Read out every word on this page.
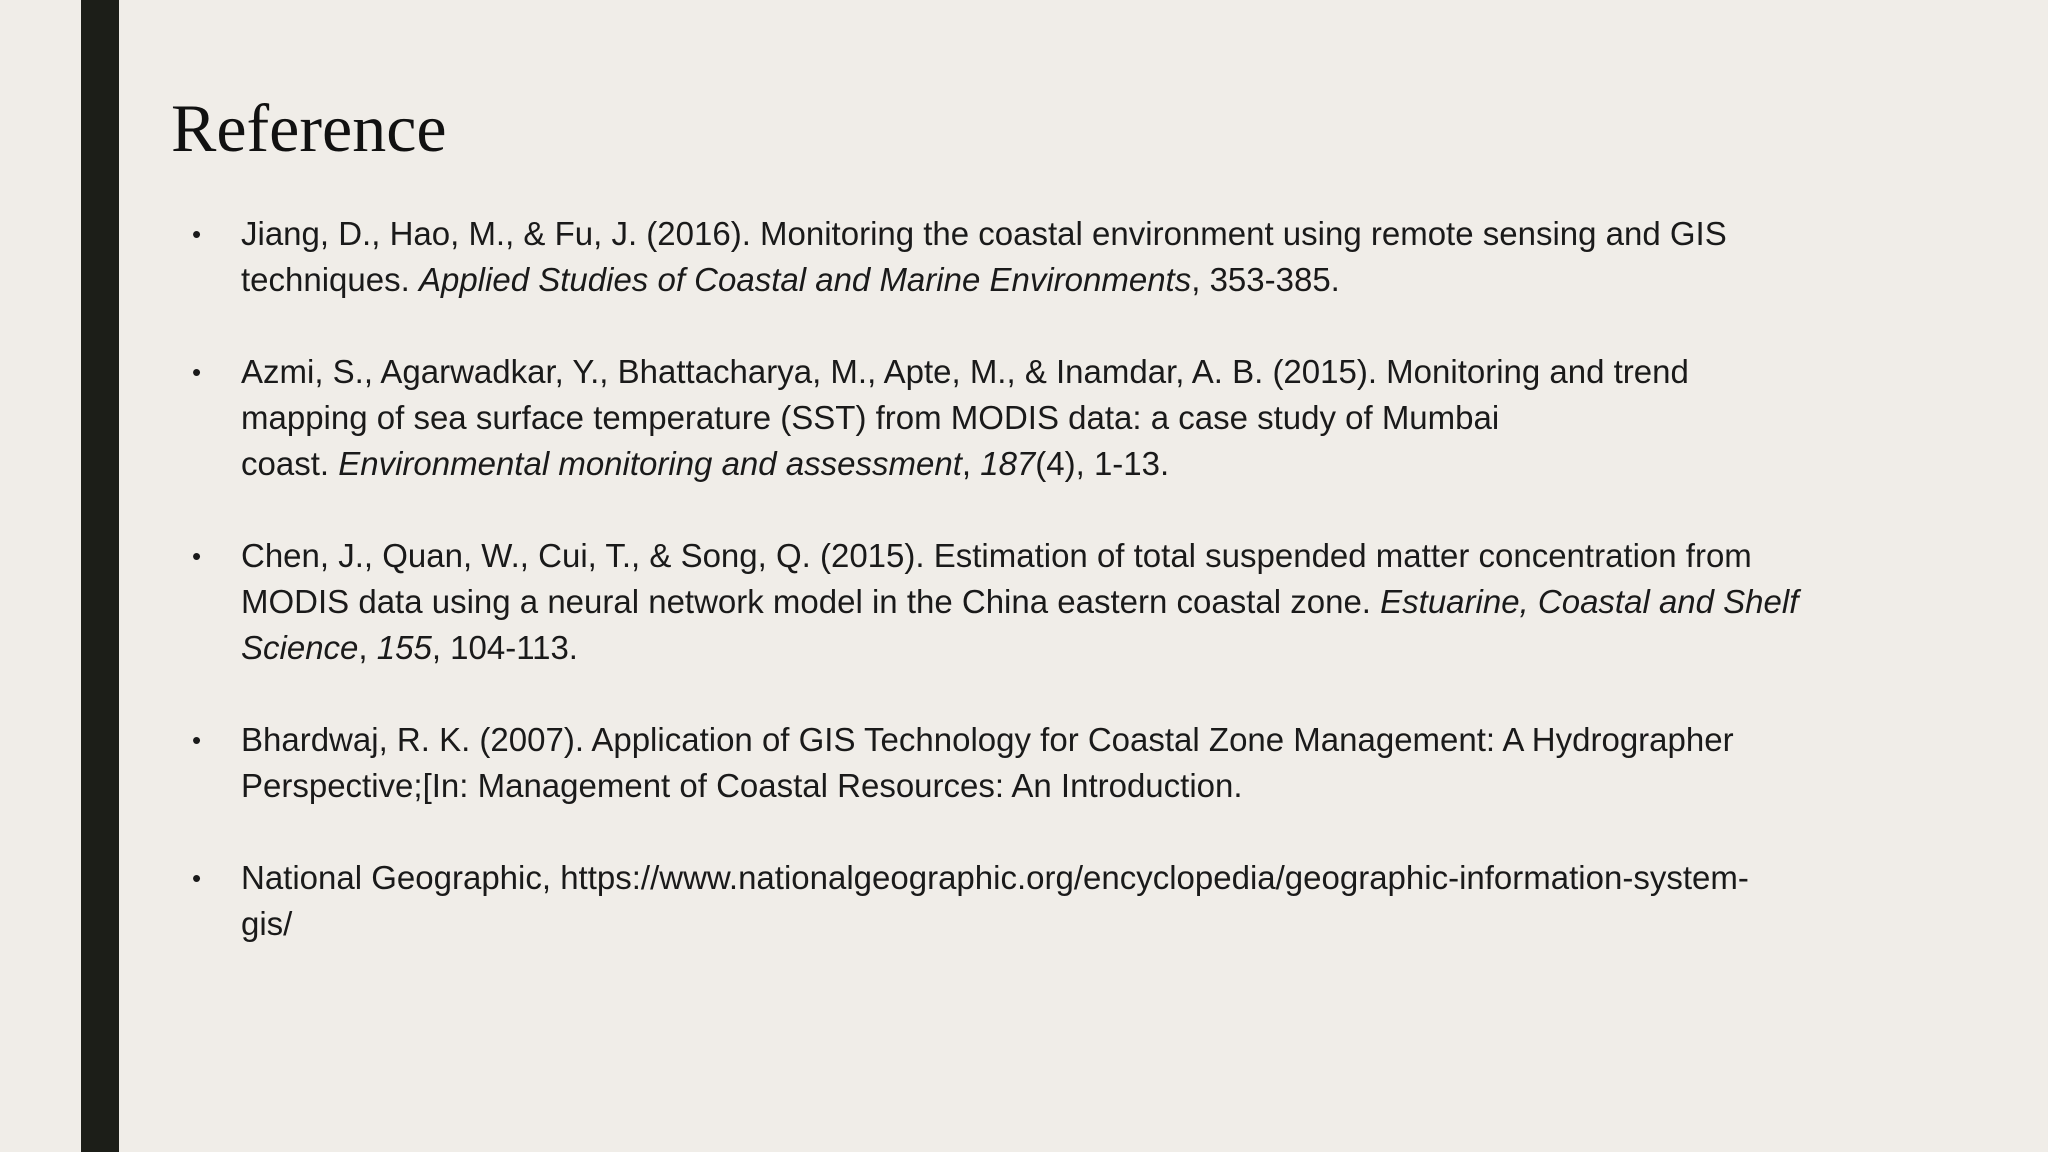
Reference
• Jiang, D., Hao, M., & Fu, J. (2016). Monitoring the coastal environment using remote sensing and GIS
techniques. Applied Studies of Coastal and Marine Environments, 353-385.
• Azmi, S., Agarwadkar, Y., Bhattacharya, M., Apte, M., & Inamdar, A. B. (2015). Monitoring and trend
mapping of sea surface temperature (SST) from MODIS data: a case study of Mumbai
coast. Environmental monitoring and assessment, 187(4), 1-13.
• Chen, J., Quan, W., Cui, T., & Song, Q. (2015). Estimation of total suspended matter concentration from
MODIS data using a neural network model in the China eastern coastal zone. Estuarine, Coastal and Shelf
Science, 155, 104-113.
• Bhardwaj, R. K. (2007). Application of GIS Technology for Coastal Zone Management: A Hydrographer
Perspective;[In: Management of Coastal Resources: An Introduction.
• National Geographic, https://www.nationalgeographic.org/encyclopedia/geographic-information-system-
gis/
